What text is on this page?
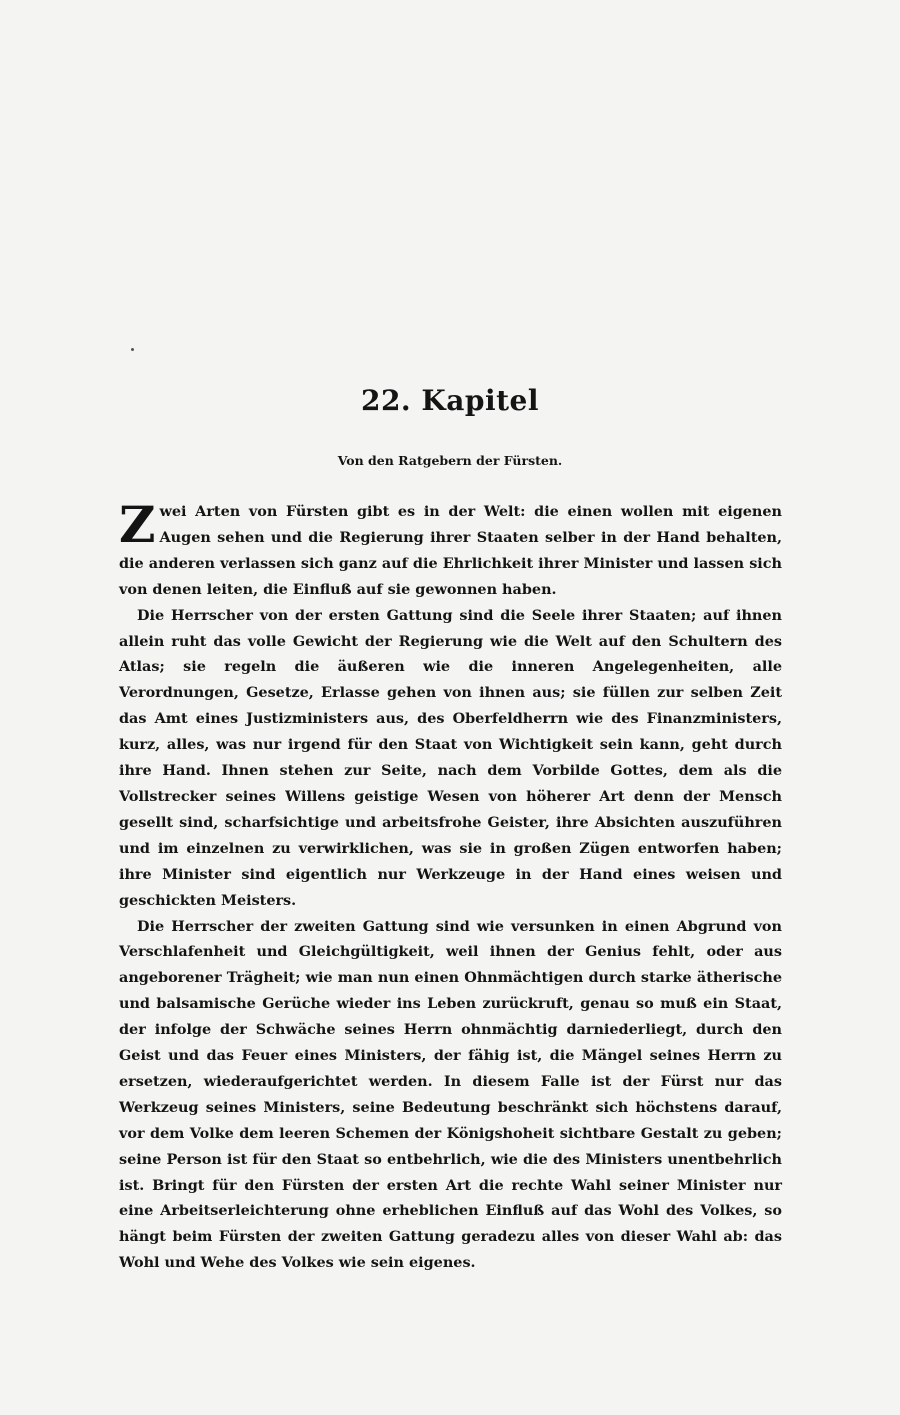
22. Kapitel
Von den Ratgebern der Fürsten.

Zwei Arten von Fürsten gibt es in der Welt: die einen wollen mit eigenen Augen sehen und die Regierung ihrer Staaten selber in der Hand behalten, die anderen verlassen sich ganz auf die Ehrlichkeit ihrer Minister und lassen sich von denen leiten, die Einfluß auf sie gewonnen haben.

Die Herrscher von der ersten Gattung sind die Seele ihrer Staaten; auf ihnen allein ruht das volle Gewicht der Regierung wie die Welt auf den Schultern des Atlas; sie regeln die äußeren wie die inneren Angelegenheiten, alle Verordnungen, Gesetze, Erlasse gehen von ihnen aus; sie füllen zur selben Zeit das Amt eines Justizministers aus, des Oberfeldherrn wie des Finanzministers, kurz, alles, was nur irgend für den Staat von Wichtigkeit sein kann, geht durch ihre Hand. Ihnen stehen zur Seite, nach dem Vorbilde Gottes, dem als die Vollstrecker seines Willens geistige Wesen von höherer Art denn der Mensch gesellt sind, scharfsichtige und arbeitsfrohe Geister, ihre Absichten auszuführen und im einzelnen zu verwirklichen, was sie in großen Zügen entworfen haben; ihre Minister sind eigentlich nur Werkzeuge in der Hand eines weisen und geschickten Meisters.

Die Herrscher der zweiten Gattung sind wie versunken in einen Abgrund von Verschlafenheit und Gleichgültigkeit, weil ihnen der Genius fehlt, oder aus angeborener Trägheit; wie man nun einen Ohnmächtigen durch starke ätherische und balsamische Gerüche wieder ins Leben zurückruft, genau so muß ein Staat, der infolge der Schwäche seines Herrn ohnmächtig darniederliegt, durch den Geist und das Feuer eines Ministers, der fähig ist, die Mängel seines Herrn zu ersetzen, wiederaufgerichtet werden. In diesem Falle ist der Fürst nur das Werkzeug seines Ministers, seine Bedeutung beschränkt sich höchstens darauf, vor dem Volke dem leeren Schemen der Königshoheit sichtbare Gestalt zu geben; seine Person ist für den Staat so entbehrlich, wie die des Ministers unentbehrlich ist. Bringt für den Fürsten der ersten Art die rechte Wahl seiner Minister nur eine Arbeitserleichterung ohne erheblichen Einfluß auf das Wohl des Volkes, so hängt beim Fürsten der zweiten Gattung geradezu alles von dieser Wahl ab: das Wohl und Wehe des Volkes wie sein eigenes.
